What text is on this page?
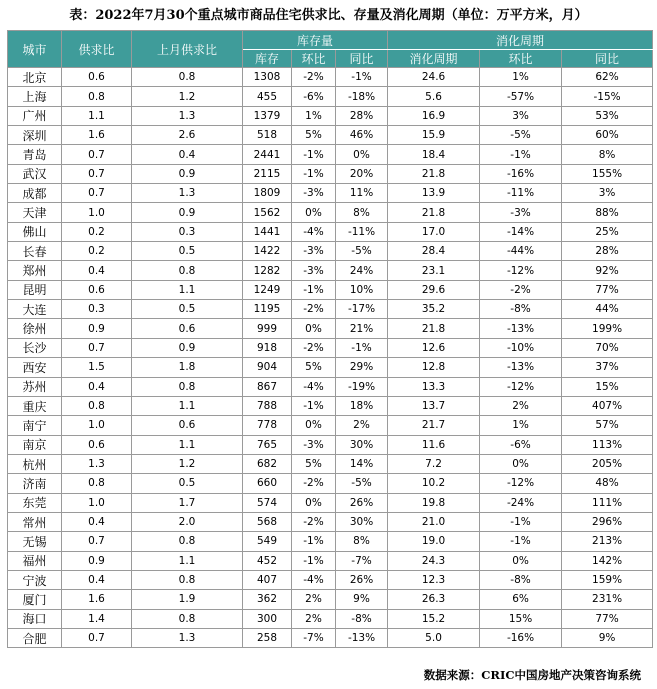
表：2022年7月30个重点城市商品住宅供求比、存量及消化周期（单位：万平方米，月）
城市	供求比	上月供求比	库存量			消化周期		
			库存	环比	同比	消化周期	环比	同比
北京	0.6	0.8	1308	-2%	-1%	24.6	1%	62%
上海	0.8	1.2	455	-6%	-18%	5.6	-57%	-15%
广州	1.1	1.3	1379	1%	28%	16.9	3%	53%
深圳	1.6	2.6	518	5%	46%	15.9	-5%	60%
青岛	0.7	0.4	2441	-1%	0%	18.4	-1%	8%
武汉	0.7	0.9	2115	-1%	20%	21.8	-16%	155%
成都	0.7	1.3	1809	-3%	11%	13.9	-11%	3%
天津	1.0	0.9	1562	0%	8%	21.8	-3%	88%
佛山	0.2	0.3	1441	-4%	-11%	17.0	-14%	25%
长春	0.2	0.5	1422	-3%	-5%	28.4	-44%	28%
郑州	0.4	0.8	1282	-3%	24%	23.1	-12%	92%
昆明	0.6	1.1	1249	-1%	10%	29.6	-2%	77%
大连	0.3	0.5	1195	-2%	-17%	35.2	-8%	44%
徐州	0.9	0.6	999	0%	21%	21.8	-13%	199%
长沙	0.7	0.9	918	-2%	-1%	12.6	-10%	70%
西安	1.5	1.8	904	5%	29%	12.8	-13%	37%
苏州	0.4	0.8	867	-4%	-19%	13.3	-12%	15%
重庆	0.8	1.1	788	-1%	18%	13.7	2%	407%
南宁	1.0	0.6	778	0%	2%	21.7	1%	57%
南京	0.6	1.1	765	-3%	30%	11.6	-6%	113%
杭州	1.3	1.2	682	5%	14%	7.2	0%	205%
济南	0.8	0.5	660	-2%	-5%	10.2	-12%	48%
东莞	1.0	1.7	574	0%	26%	19.8	-24%	111%
常州	0.4	2.0	568	-2%	30%	21.0	-1%	296%
无锡	0.7	0.8	549	-1%	8%	19.0	-1%	213%
福州	0.9	1.1	452	-1%	-7%	24.3	0%	142%
宁波	0.4	0.8	407	-4%	26%	12.3	-8%	159%
厦门	1.6	1.9	362	2%	9%	26.3	6%	231%
海口	1.4	0.8	300	2%	-8%	15.2	15%	77%
合肥	0.7	1.3	258	-7%	-13%	5.0	-16%	9%
数据来源：CRIC中国房地产决策咨询系统
